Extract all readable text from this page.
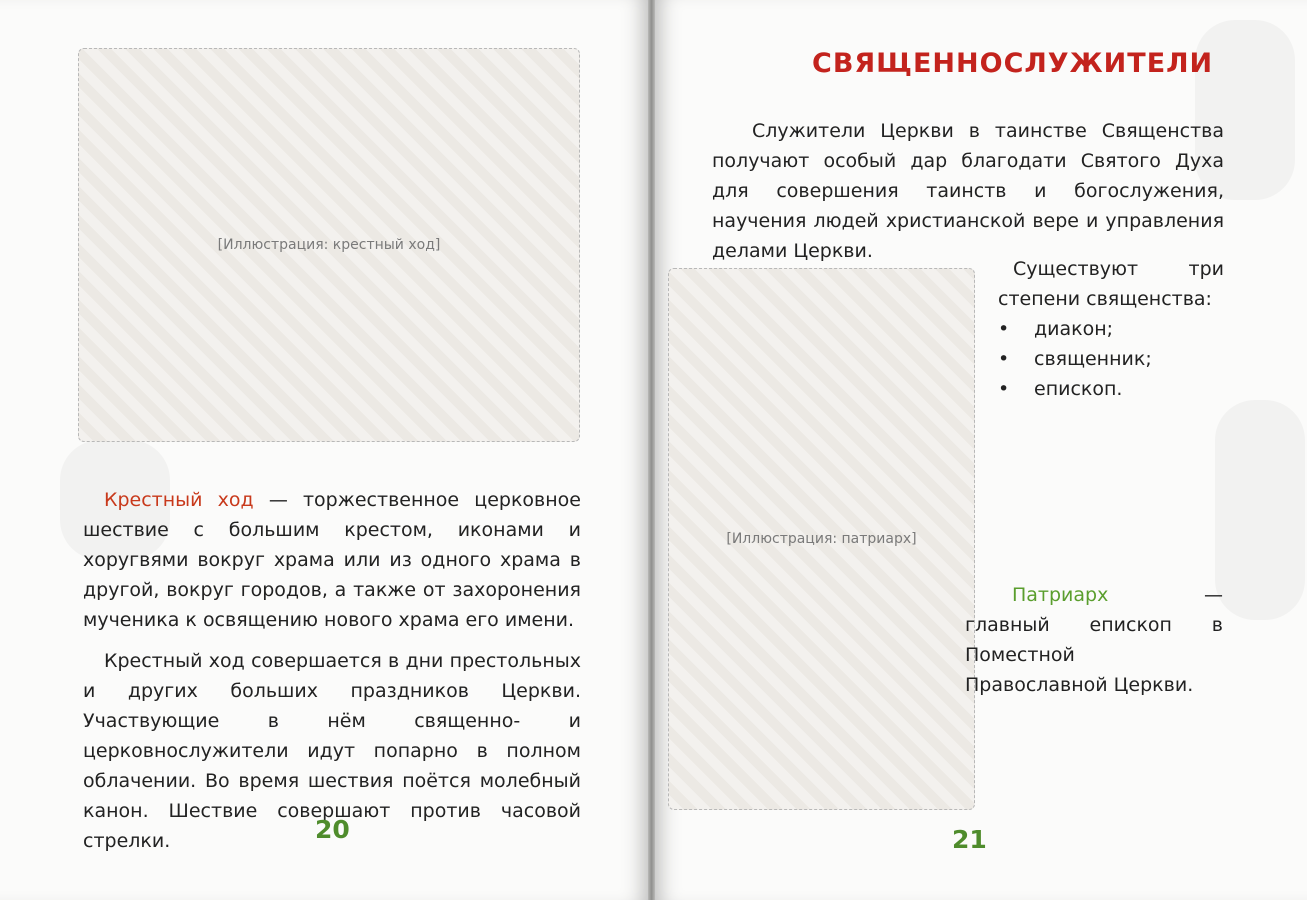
[Иллюстрация: крестный ход]

Крестный ход — торжественное церковное шествие с большим крестом, иконами и хоругвями вокруг храма или из одного храма в другой, вокруг городов, а также от захоронения мученика к освящению нового храма его имени.

Крестный ход совершается в дни престольных и других больших праздников Церкви. Участвующие в нём священно- и церковнослужители идут попарно в полном облачении. Во время шествия поётся молебный канон. Шествие совершают против часовой стрелки.	20
СВЯЩЕННОСЛУЖИТЕЛИ

Служители Церкви в таинстве Священства получают особый дар благодати Святого Духа для совершения таинств и богослужения, научения людей христианской вере и управления делами Церкви.

Существуют три степени священства:

• диакон;
• священник;
• епископ.
[Иллюстрация: патриарх]

Патриарх — главный епископ в Поместной Православной Церкви.

21
